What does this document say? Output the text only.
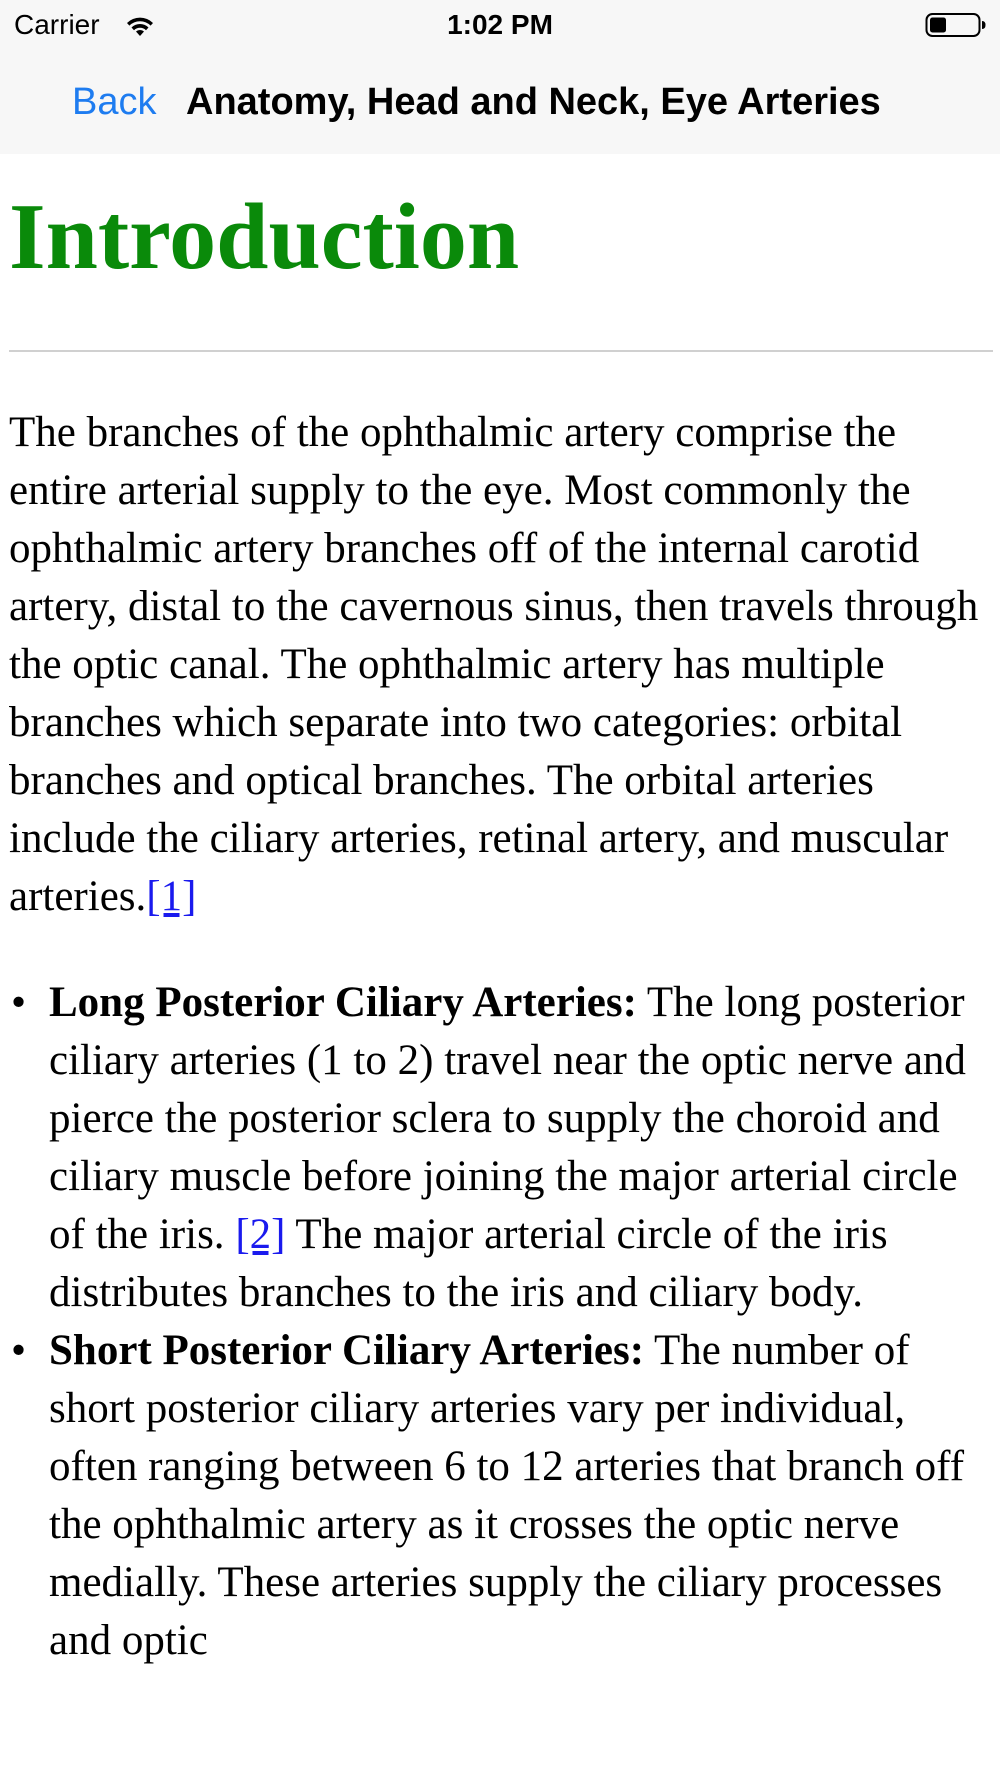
Carrier	1:02 PM
Back Anatomy, Head and Neck, Eye Arteries
Introduction

The branches of the ophthalmic artery comprise the entire arterial supply to the eye. Most commonly the ophthalmic artery branches off of the internal carotid artery, distal to the cavernous sinus, then travels through the optic canal. The ophthalmic artery has multiple branches which separate into two categories: orbital branches and optical branches. The orbital arteries include the ciliary arteries, retinal artery, and muscular arteries.[1]

• Long Posterior Ciliary Arteries: The long posterior ciliary arteries (1 to 2) travel near the optic nerve and pierce the posterior sclera to supply the choroid and ciliary muscle before joining the major arterial circle of the iris. [2] The major arterial circle of the iris distributes branches to the iris and ciliary body.
• Short Posterior Ciliary Arteries: The number of short posterior ciliary arteries vary per individual, often ranging between 6 to 12 arteries that branch off the ophthalmic artery as it crosses the optic nerve medially. These arteries supply the ciliary processes and optic
